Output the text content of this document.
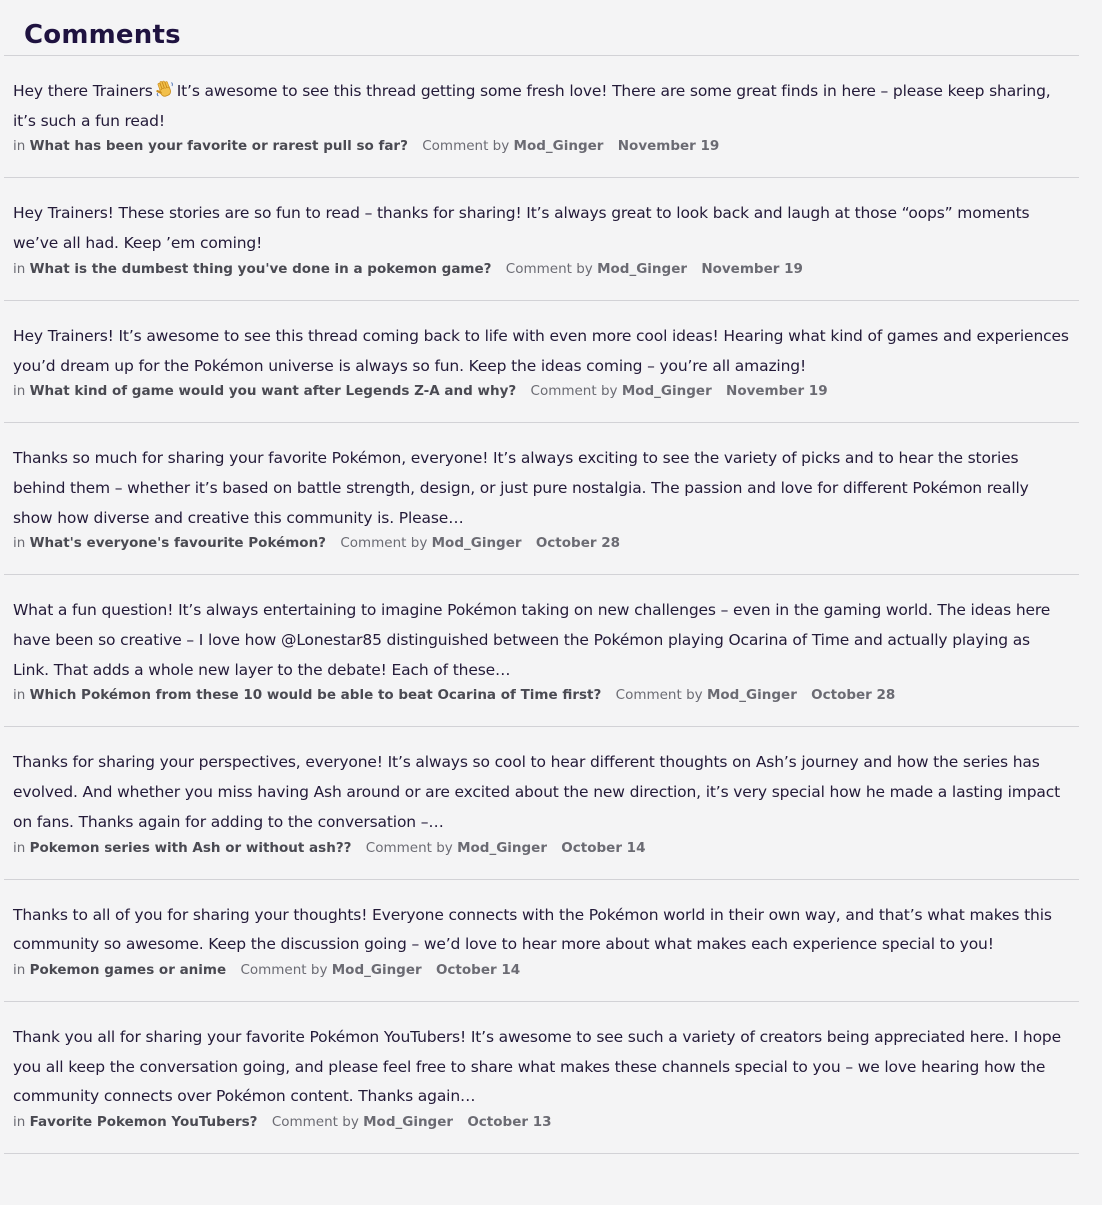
Comments
Hey there Trainers It’s awesome to see this thread getting some fresh love! There are some great finds in here – please keep sharing, it’s such a fun read!
in What has been your favorite or rarest pull so far? Comment by Mod_Ginger November 19
Hey Trainers! These stories are so fun to read – thanks for sharing! It’s always great to look back and laugh at those “oops” moments we’ve all had. Keep ’em coming!
in What is the dumbest thing you've done in a pokemon game? Comment by Mod_Ginger November 19
Hey Trainers! It’s awesome to see this thread coming back to life with even more cool ideas! Hearing what kind of games and experiences you’d dream up for the Pokémon universe is always so fun. Keep the ideas coming – you’re all amazing!
in What kind of game would you want after Legends Z-A and why? Comment by Mod_Ginger November 19
Thanks so much for sharing your favorite Pokémon, everyone! It’s always exciting to see the variety of picks and to hear the stories behind them – whether it’s based on battle strength, design, or just pure nostalgia. The passion and love for different Pokémon really show how diverse and creative this community is. Please…
in What's everyone's favourite Pokémon? Comment by Mod_Ginger October 28
What a fun question! It’s always entertaining to imagine Pokémon taking on new challenges – even in the gaming world. The ideas here have been so creative – I love how @Lonestar85 distinguished between the Pokémon playing Ocarina of Time and actually playing as Link. That adds a whole new layer to the debate! Each of these…
in Which Pokémon from these 10 would be able to beat Ocarina of Time first? Comment by Mod_Ginger October 28
Thanks for sharing your perspectives, everyone! It’s always so cool to hear different thoughts on Ash’s journey and how the series has evolved. And whether you miss having Ash around or are excited about the new direction, it’s very special how he made a lasting impact on fans. Thanks again for adding to the conversation –…
in Pokemon series with Ash or without ash?? Comment by Mod_Ginger October 14
Thanks to all of you for sharing your thoughts! Everyone connects with the Pokémon world in their own way, and that’s what makes this community so awesome. Keep the discussion going – we’d love to hear more about what makes each experience special to you!
in Pokemon games or anime Comment by Mod_Ginger October 14
Thank you all for sharing your favorite Pokémon YouTubers! It’s awesome to see such a variety of creators being appreciated here. I hope you all keep the conversation going, and please feel free to share what makes these channels special to you – we love hearing how the community connects over Pokémon content. Thanks again…
in Favorite Pokemon YouTubers? Comment by Mod_Ginger October 13
